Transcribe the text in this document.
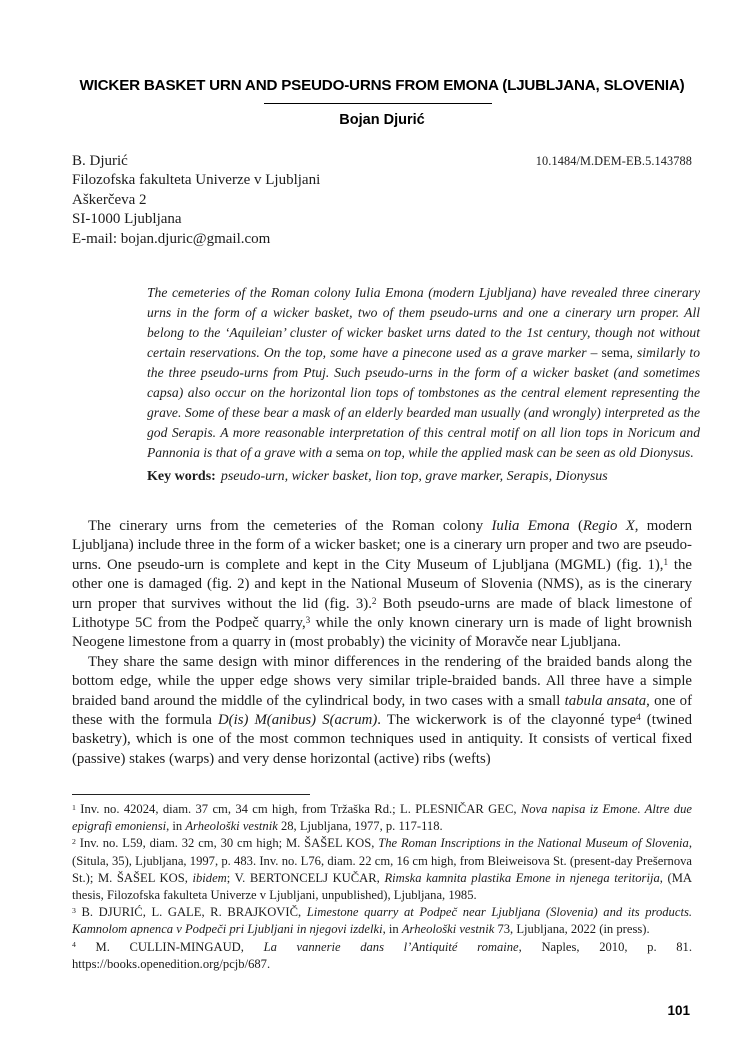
WICKER BASKET URN AND PSEUDO-URNS FROM EMONA (LJUBLJANA, SLOVENIA)
Bojan Djurić
B. Djurić	10.1484/M.DEM-EB.5.143788
Filozofska fakulteta Univerze v Ljubljani
Aškerčeva 2
SI-1000 Ljubljana
E-mail: bojan.djuric@gmail.com
The cemeteries of the Roman colony Iulia Emona (modern Ljubljana) have revealed three cinerary urns in the form of a wicker basket, two of them pseudo-urns and one a cinerary urn proper. All belong to the ‘Aquileian’ cluster of wicker basket urns dated to the 1st century, though not without certain reservations. On the top, some have a pinecone used as a grave marker – sema, similarly to the three pseudo-urns from Ptuj. Such pseudo-urns in the form of a wicker basket (and sometimes capsa) also occur on the horizontal lion tops of tombstones as the central element representing the grave. Some of these bear a mask of an elderly bearded man usually (and wrongly) interpreted as the god Serapis. A more reasonable interpretation of this central motif on all lion tops in Noricum and Pannonia is that of a grave with a sema on top, while the applied mask can be seen as old Dionysus.
Key words: pseudo-urn, wicker basket, lion top, grave marker, Serapis, Dionysus

The cinerary urns from the cemeteries of the Roman colony Iulia Emona (Regio X, modern Ljubljana) include three in the form of a wicker basket; one is a cinerary urn proper and two are pseudo-urns. One pseudo-urn is complete and kept in the City Museum of Ljubljana (MGML) (fig. 1),$^1$ the other one is damaged (fig. 2) and kept in the National Museum of Slovenia (NMS), as is the cinerary urn proper that survives without the lid (fig. 3).$^2$ Both pseudo-urns are made of black limestone of Lithotype 5C from the Podpeč quarry,$^3$ while the only known cinerary urn is made of light brownish Neogene limestone from a quarry in (most probably) the vicinity of Moravče near Ljubljana.

They share the same design with minor differences in the rendering of the braided bands along the bottom edge, while the upper edge shows very similar triple-braided bands. All three have a simple braided band around the middle of the cylindrical body, in two cases with a small tabula ansata, one of these with the formula D(is) M(anibus) S(acrum). The wickerwork is of the clayonné type$^4$ (twined basketry), which is one of the most common techniques used in antiquity. It consists of vertical fixed (passive) stakes (warps) and very dense horizontal (active) ribs (wefts)

$^1$ Inv. no. 42024, diam. 37 cm, 34 cm high, from Tržaška Rd.; L. PLESNIČAR GEC, Nova napisa iz Emone. Altre due epigrafi emoniensi, in Arheološki vestnik 28, Ljubljana, 1977, p. 117-118.

$^2$ Inv. no. L59, diam. 32 cm, 30 cm high; M. ŠAŠEL KOS, The Roman Inscriptions in the National Museum of Slovenia, (Situla, 35), Ljubljana, 1997, p. 483. Inv. no. L76, diam. 22 cm, 16 cm high, from Bleiweisova St. (present-day Prešernova St.); M. ŠAŠEL KOS, ibidem; V. BERTONCELJ KUČAR, Rimska kamnita plastika Emone in njenega teritorija, (MA thesis, Filozofska fakulteta Univerze v Ljubljani, unpublished), Ljubljana, 1985.

$^3$ B. DJURIĆ, L. GALE, R. BRAJKOVIČ, Limestone quarry at Podpeč near Ljubljana (Slovenia) and its products. Kamnolom apnenca v Podpeči pri Ljubljani in njegovi izdelki, in Arheološki vestnik 73, Ljubljana, 2022 (in press).

$^4$ M. CULLIN-MINGAUD, La vannerie dans l’Antiquité romaine, Naples, 2010, p. 81. https://books.openedition.org/pcjb/687.

101
